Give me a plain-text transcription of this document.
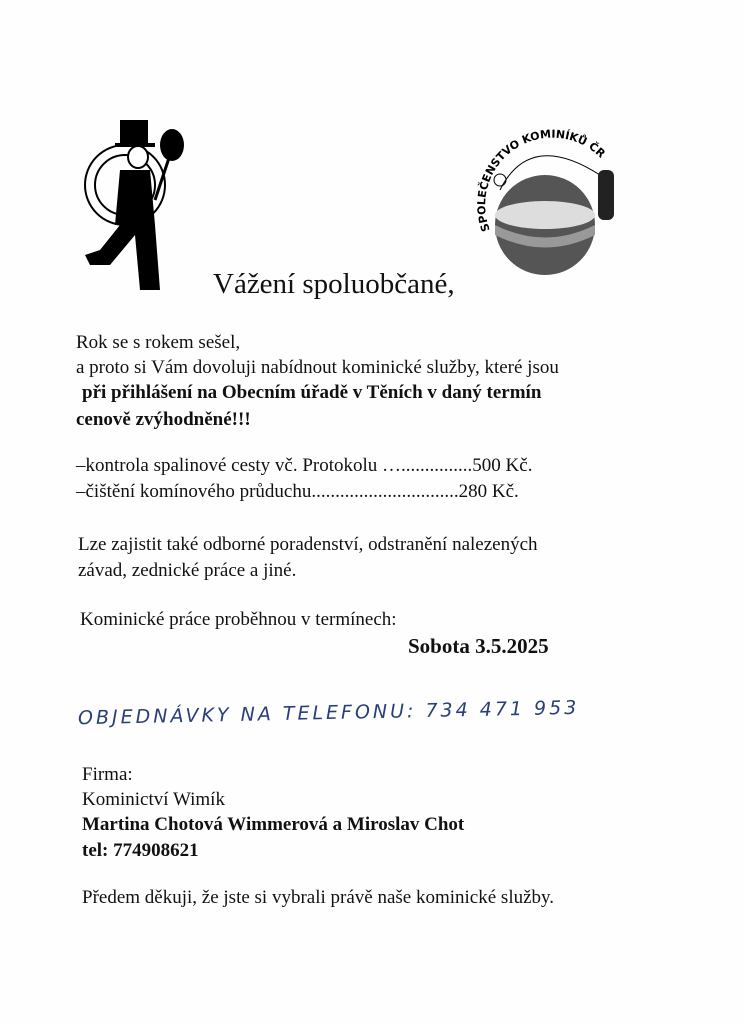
SPOLEČENSTVO KOMINÍKŮ ČR
Vážení spoluobčané,
Rok se s rokem sešel,
a proto si Vám dovoluji nabídnout kominické služby, které jsou
při přihlášení na Obecním úřadě v Těních v daný termín
cenově zvýhodněné!!!
–kontrola spalinové cesty vč. Protokolu …...............500 Kč.
–čištění komínového průduchu...............................280 Kč.
Lze zajistit také odborné poradenství, odstranění nalezených
závad, zednické práce a jiné.
Kominické práce proběhnou v termínech:
Sobota 3.5.2025
OBJEDNÁVKY NA TELEFONU: 734 471 953
Firma:
Kominictví Wimík
Martina Chotová Wimmerová a Miroslav Chot
tel: 774908621
Předem děkuji, že jste si vybrali právě naše kominické služby.
